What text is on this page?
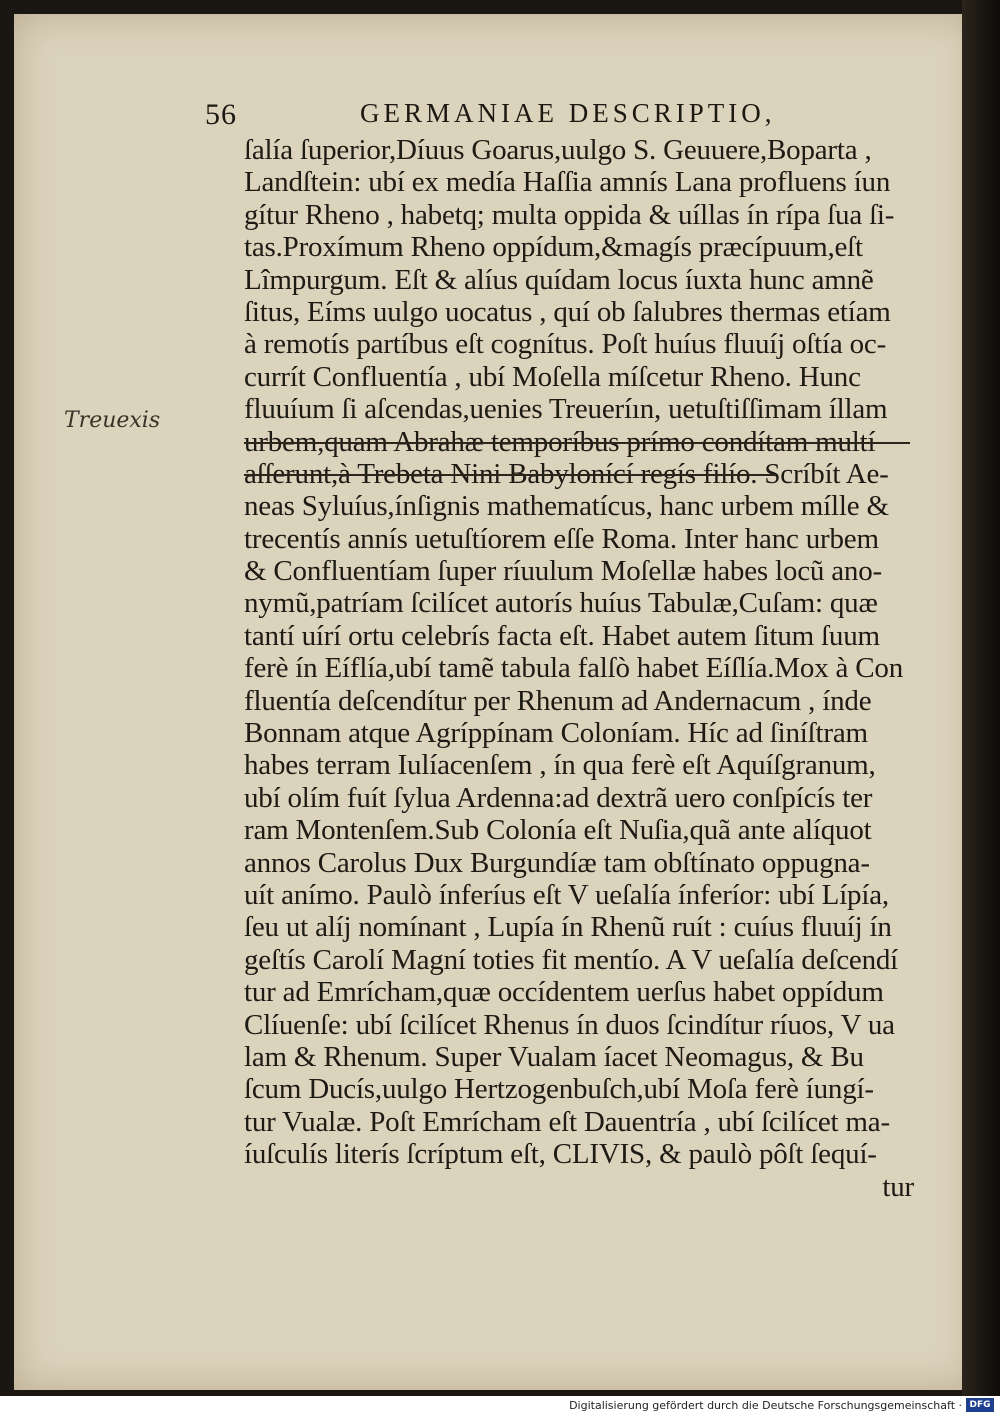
56	GERMANIAE DESCRIPTIO,
Treuexis
ſalía ſuperior,Díuus Goarus,uulgo S. Geuuere,Boparta ,
Landſtein: ubí ex medía Haſſia amnís Lana profluens íun
gítur Rheno , habetq; multa oppida & uíllas ín rípa ſua ſi-
tas.Proxímum Rheno oppídum,&magís præcípuum,eſt
Lîmpurgum. Eſt & alíus quídam locus íuxta hunc amnẽ
ſitus, Eíms uulgo uocatus , quí ob ſalubres thermas etíam
à remotís partíbus eſt cognítus. Poſt huíus fluuíj oſtía oc-
currít Confluentía , ubí Moſella míſcetur Rheno. Hunc
fluuíum ſi aſcendas,uenies Treueríın, uetuſtiſſimam íllam
urbem,quam Abrahæ temporíbus prímo condítam multí
aſſerunt,à Trebeta Nini Babylonící regís filío. Scríbít Ae-
neas Syluíus,ínſignis mathematícus, hanc urbem mílle &
trecentís annís uetuſtíorem eſſe Roma. Inter hanc urbem
& Confluentíam ſuper ríuulum Moſellæ habes locũ ano-
nymũ,patríam ſcilícet autorís huíus Tabulæ,Cuſam: quæ
tantí uírí ortu celebrís facta eſt. Habet autem ſitum ſuum
ferè ín Eíflía,ubí tamẽ tabula falſò habet Eíſlía.Mox à Con
fluentía deſcendítur per Rhenum ad Andernacum , índe
Bonnam atque Agríppínam Coloníam. Híc ad ſiníſtram
habes terram Iulíacenſem , ín qua ferè eſt Aquíſgranum,
ubí olím fuít ſylua Ardenna:ad dextrã uero conſpícís ter
ram Montenſem.Sub Colonía eſt Nuſia,quã ante alíquot
annos Carolus Dux Burgundíæ tam obſtínato oppugna-
uít anímo. Paulò ínferíus eſt V ueſalía ínferíor: ubí Lípía,
ſeu ut alíj nomínant , Lupía ín Rhenũ ruít : cuíus fluuíj ín
geſtís Carolí Magní toties fit mentío. A V ueſalía deſcendí
tur ad Emrícham,quæ occídentem uerſus habet oppídum
Clíuenſe: ubí ſcilícet Rhenus ín duos ſcindítur ríuos, V ua
lam & Rhenum. Super Vualam íacet Neomagus, & Bu
ſcum Ducís,uulgo Hertzogenbuſch,ubí Moſa ferè íungí-
tur Vualæ. Poſt Emrícham eſt Dauentría , ubí ſcilícet ma-
íuſculís literís ſcríptum eſt, CLIVIS, & paulò pôſt ſequí-
tur
Digitalisierung gefördert durch die Deutsche Forschungsgemeinschaft · DFG
